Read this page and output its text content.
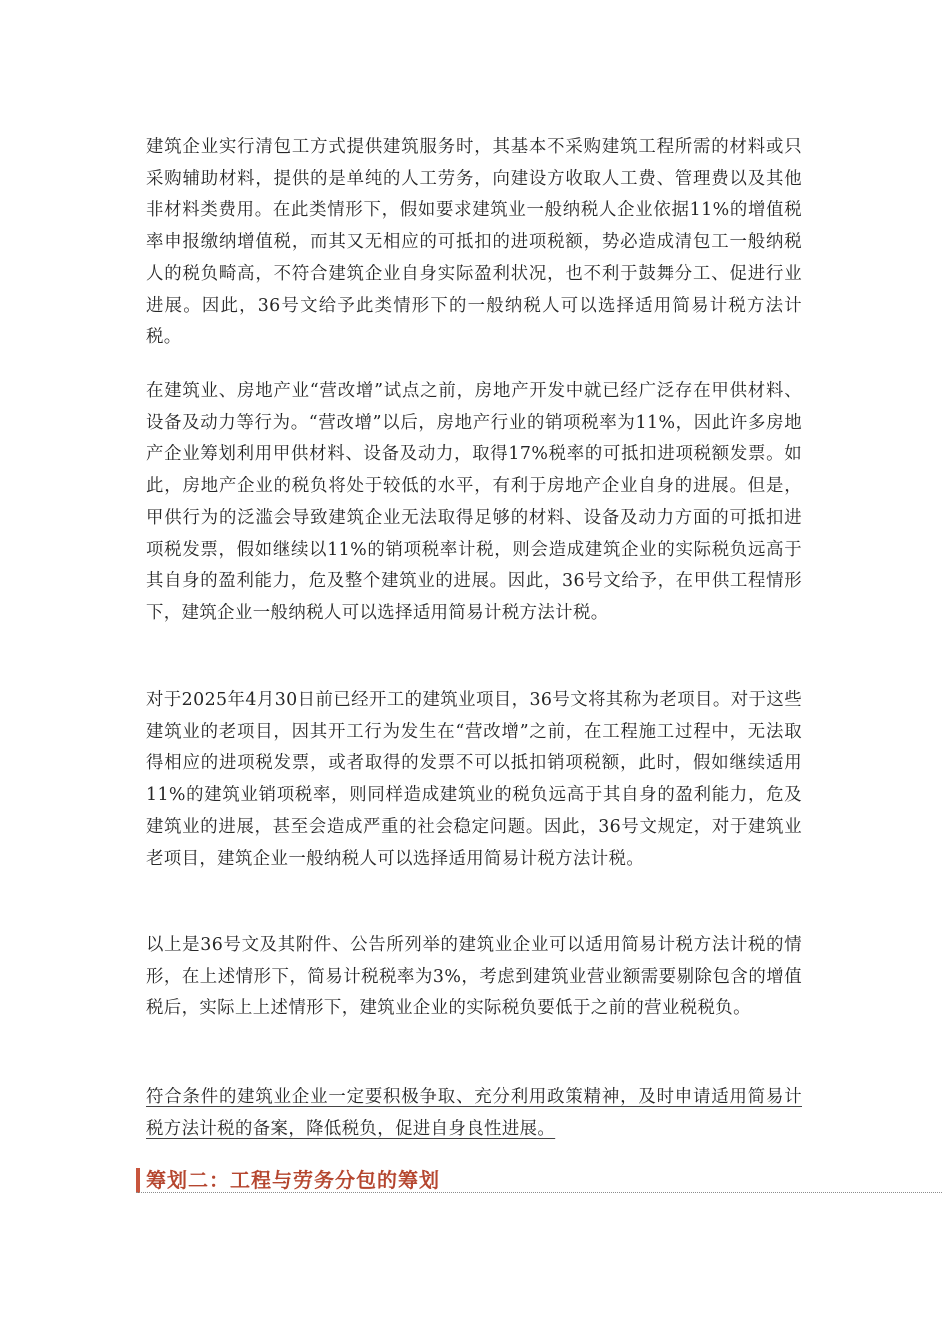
建筑企业实行清包工方式提供建筑服务时，其基本不采购建筑工程所需的材料或只采购辅助材料，提供的是单纯的人工劳务，向建设方收取人工费、管理费以及其他非材料类费用。在此类情形下，假如要求建筑业一般纳税人企业依据11%的增值税率申报缴纳增值税，而其又无相应的可抵扣的进项税额，势必造成清包工一般纳税人的税负畸高，不符合建筑企业自身实际盈利状况，也不利于鼓舞分工、促进行业进展。因此，36号文给予此类情形下的一般纳税人可以选择适用简易计税方法计税。

在建筑业、房地产业“营改增”试点之前，房地产开发中就已经广泛存在甲供材料、设备及动力等行为。“营改增”以后，房地产行业的销项税率为11%，因此许多房地产企业筹划利用甲供材料、设备及动力，取得17%税率的可抵扣进项税额发票。如此，房地产企业的税负将处于较低的水平，有利于房地产企业自身的进展。但是，甲供行为的泛滥会导致建筑企业无法取得足够的材料、设备及动力方面的可抵扣进项税发票，假如继续以11%的销项税率计税，则会造成建筑企业的实际税负远高于其自身的盈利能力，危及整个建筑业的进展。因此，36号文给予，在甲供工程情形下，建筑企业一般纳税人可以选择适用简易计税方法计税。

对于2025年4月30日前已经开工的建筑业项目，36号文将其称为老项目。对于这些建筑业的老项目，因其开工行为发生在“营改增”之前，在工程施工过程中，无法取得相应的进项税发票，或者取得的发票不可以抵扣销项税额，此时，假如继续适用11%的建筑业销项税率，则同样造成建筑业的税负远高于其自身的盈利能力，危及建筑业的进展，甚至会造成严重的社会稳定问题。因此，36号文规定，对于建筑业老项目，建筑企业一般纳税人可以选择适用简易计税方法计税。

以上是36号文及其附件、公告所列举的建筑业企业可以适用简易计税方法计税的情形，在上述情形下，简易计税税率为3%，考虑到建筑业营业额需要剔除包含的增值税后，实际上上述情形下，建筑业企业的实际税负要低于之前的营业税税负。

符合条件的建筑业企业一定要积极争取、充分利用政策精神，及时申请适用简易计税方法计税的备案，降低税负，促进自身良性进展。

筹划二：工程与劳务分包的筹划
